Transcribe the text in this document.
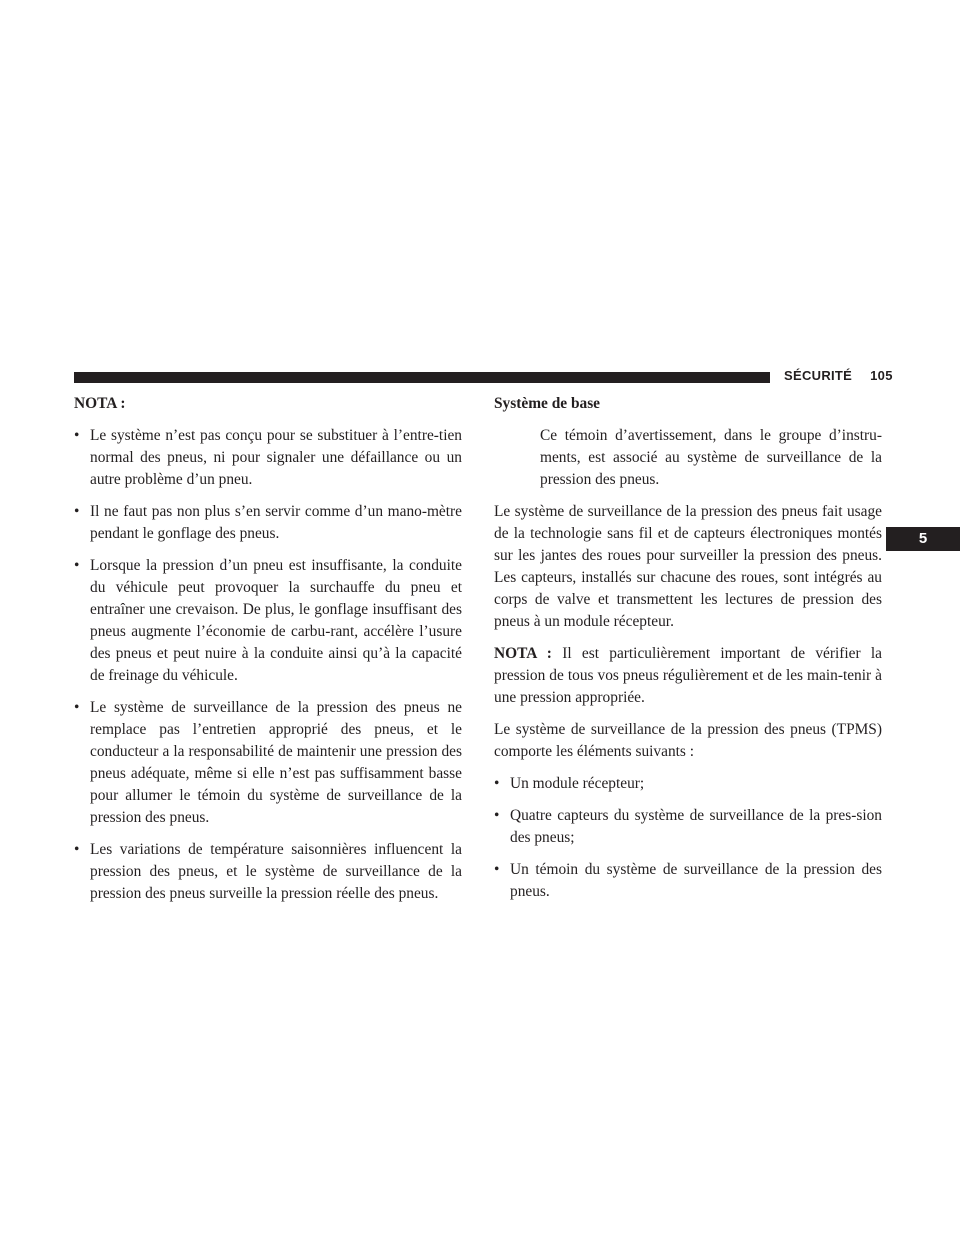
SÉCURITÉ 105
5
NOTA :
• Le système n’est pas conçu pour se substituer à l’entre-tien normal des pneus, ni pour signaler une défaillance ou un autre problème d’un pneu.
• Il ne faut pas non plus s’en servir comme d’un mano-mètre pendant le gonflage des pneus.
• Lorsque la pression d’un pneu est insuffisante, la conduite du véhicule peut provoquer la surchauffe du pneu et entraîner une crevaison. De plus, le gonflage insuffisant des pneus augmente l’économie de carbu-rant, accélère l’usure des pneus et peut nuire à la conduite ainsi qu’à la capacité de freinage du véhicule.
• Le système de surveillance de la pression des pneus ne remplace pas l’entretien approprié des pneus, et le conducteur a la responsabilité de maintenir une pression des pneus adéquate, même si elle n’est pas suffisamment basse pour allumer le témoin du système de surveillance de la pression des pneus.
• Les variations de température saisonnières influencent la pression des pneus, et le système de surveillance de la pression des pneus surveille la pression réelle des pneus.
Système de base
Ce témoin d’avertissement, dans le groupe d’instru-ments, est associé au système de surveillance de la pression des pneus.

Le système de surveillance de la pression des pneus fait usage de la technologie sans fil et de capteurs électroniques montés sur les jantes des roues pour surveiller la pression des pneus. Les capteurs, installés sur chacune des roues, sont intégrés au corps de valve et transmettent les lectures de pression des pneus à un module récepteur.

NOTA : Il est particulièrement important de vérifier la pression de tous vos pneus régulièrement et de les main-tenir à une pression appropriée.

Le système de surveillance de la pression des pneus (TPMS) comporte les éléments suivants :

• Un module récepteur;
• Quatre capteurs du système de surveillance de la pres-sion des pneus;
• Un témoin du système de surveillance de la pression des pneus.
